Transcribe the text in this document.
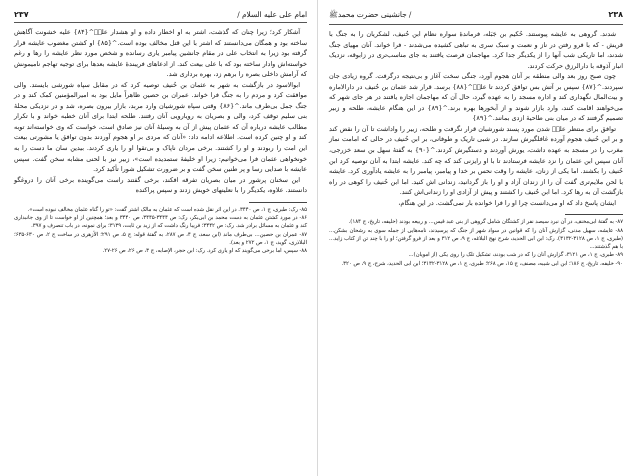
امام علی علیه السلام /
۲۳۷

آشکار کرد؛ زیرا چنان که گذشت، اشتر به او اخطار داده و او هشدار علیؑ^{۸۴} علیه خشونت آگاهش ساخته بود و همگان می‌دانستند که اشتر با این قتل مخالف بوده است.^{۸۵} او کشتن مغضوب عایشه قرار گرفته بود زیرا به انتخاب علی در مقام جانشین پیامبر یاری رسانده و شخص مورد نظر عایشه را رها و رغم خواسته‌اش وادار ساخته بود که با علی بیعت کند. از ادعاهای فریبندهٔ عایشه بعدها برای توجیه تهاجم نامیمونش که آرامش داخلی بصره را برهم زد، بهره برداری شد.

ابوالاسود در بازگشت به شهر به عثمان بن حُنیف توصیه کرد که در مقابل سپاه شورشی بایستد. والی موافقت کرد و مردم را به جنگ فرا خواند. عمران بن حصین ظاهراً مایل بود به امیرالمؤمنین کمک کند و در جنگ جمل بی‌طرف ماند.^{۸۶} وقتی سپاه شورشیان وارد مربد، بازار بیرون بصره، شد و در نزدیکی محلهٔ بنی سلیم توقف کرد، والی و بصریان به رویارویی آنان رفتند. طلحه ابتدا برای آنان خطبه خواند و با تکرار مطالب عایشه درباره آن که عثمان پیش از آن به وسیلهٔ آنان نیز صادق است، خواست که وی خواسته‌اند توبه کند و او چنین کرده است. اطلاعه ادامه داد: «آنان که مردی بر او هجوم آوردند بدون توافق یا مشورتی بیعت این امت را ربودند و او را کشتند. برخی مردان ناپاک و بی‌تقوا او را یاری کردند. بیدین سان ما دست را به خونخواهی عثمان فرا می‌خوانیم: زیرا او خلیفهٔ ستمدیده است»، زبیر نیز با لحنی مشابه سخن گفت. سپس عایشه با صدایی رسا و پر طنین سخن گفت و بر ضرورت تشکیل شورا تأکید کرد.

این سخنان پرشور در میان بصریان تفرقه افکند، برخی گفتند راست می‌گوینده برخی آنان را دروغگو دانستند. علاوه، یکدیگر را با نعلینهای خویش زدند و سپس پراکنده

۸۵- رک: طبری، ج ۱، ص ۳۴۴۰. در این اثر نقل شده است که عثمان به مالک اشتر گفت: «تو را گناه عثمان مخالف نبوده است».

۸۶- در مورد کشتن عثمان به دست محمد بن ابی‌بکر، رک: ص ۳۴۴۴-۳۴۴۵، ص ۳۴۴۰ و بعد؛ همچنین از او خواست تا از وی جانبداری کند و عثمان به مسائل برادر شد. رک: ص ۳۴۴۲؛ فریبا رنگ داشت که از زید بن ثابت، ۳۱۳۹؛ برای نمونه، در باب تنصرف و ۳۹۷.

۸۷- عمران بن حصین... بی‌طرف ماند (ابن سعد، ج ۴، ص ۲۸۷، به گفتهٔ قوله: ج ۵، ص ۲۹۱؛ الأزهری در ساخت ج ۲، ص ۶۳۰-۶۳۵؛ البلاذری، گوید، ج ۱، ص ۲۷۲ و بعد).

۸۸- سپس، اما برخی می‌گویند که او یاری کرد. رک: ابن حجر، الإصابه، ج ۳، ص ۲۶، ص ۲۶-۲۷.

۲۳۸
/ جانشینی حضرت محمدﷺ

شدند. گروهی به عایشه پیوستند. حُکیم بن جَبَله، فرماندهٔ سواره نظام ابن حُنیف، لشکریان را به جنگ با قریش - که با فرو رفتن در ناز و نعمت و سبک سری به تباهی کشیده می‌شدند - فرا خواند. آنان مهیای جنگ شدند، اما تاریکی شب آنها را از یکدیگر جدا کرد. مهاجمان فرصت یافتند به جای مناسب‌تری در زابوقه، نزدیک انبار آذوقه با دارالرزق حرکت کردند.

چون صبح روز بعد والی منطقه بر آنان هجوم آورد، جنگی سخت آغاز و بی‌نتیجه درگرفت. گروه زیادی جان سپردند.^{۸۷} سپس بر آتش بس توافق کردند تا علیؑ^{۸۸} برسد. قرار شد عثمان بن حُنیف در دارالاماره و بیت‌المال نگهداری کند و اداره مسجد را به عهده گیرد، حال آن که مهاجمان اجازه یافتند در هر جای شهر که می‌خواهند اقامت کنند، وارد بازار شوند و از آبخورها بهره برند.^{۸۹} در این هنگام عایشه، طلحه و زبیر تصمیم گرفتند که در میان بنی طاحیهٔ ازدی بمانند.^{۸۹}

توافق برای منتظر علیؑ شدن مورد پسند شورشیان قرار نگرفت و طلحه، زبیر را واداشت تا آن را نقض کند و بر ابن حُنیف هجوم آورده غافلگیرش سازند. در شبی تاریک و طوفانی، بر ابن حُنیف در حالی که امامت نماز مغرب را در مسجد به عهده داشت، یورش آوردند و دستگیرش کردند.^{۹۰} به گفتهٔ سهل بن سعد خزرجی، آنان سپس ابن عثمان را نزد عایشه فرستادند تا با او رایزنی کند که چه کند. عایشه ابتدا به آنان توصیه کرد ابن حُنیف را بکشند. اما یکی از زنان، عایشه را وقت نحس بر خدا و پیامبر، پیامبر را به عایشه یادآوری کرد. عایشه با لحن ملایم‌تری گفت آن را از زندان آزاد و او را باز گردانید، زندانی اش کنید. اما ابن حُنیف را کوهی در راه بازگشت آن به رها کرد. اما ابن حُنیف را کشتند و پیش از آزادی او را زندانی‌اش کنند.

ایشان پاسخ داد که او می‌دانست چرا او را فرا خوانده بار نمی‌گشت. در این هنگام،

۸۷- به گفتهٔ ابی‌مخنف، در آن نبرد سیصد نفر از کشتگان شامل گروهی از بنی عبد قیس... و ربیعه بودند (خلیفه، تاریخ، ج ۱۸۴).

۸۸- عایشه، سهیل مدنی، گزارش آنان را که قوانین در سواد شهر از جنگ که پرسیدند، نامه‌هایی از جمله سوی به رشحان بشکن... (طبری، ج ۱، ص ۳۱۲۸-۳۱۳۲). رک: ابن ابی الحدید، شرح نهج البلاغه، ج ۹، ص ۳۱۲ و بعد از فرو گرفتن؛ او را با چند تن از کتاب زاید... با هم گذشتند...

۸۹- طبری، ج ۱، ص ۳۱۲۱، گزارش آنان را که در شب بودند، تشکیل تلک را روی یکی (از امویان)...

۹۰- خلیفه، تاریخ، ج ۱۸۶؛ ابن ابی شیبه، مصنف، ج ۱۵، ص ۲۶۸؛ طبری، ج ۱، ص ۳۱۲۸-۳۱۳۲؛ ابن ابی الحدید، شرح، ج ۹، ص ۳۲۰.
